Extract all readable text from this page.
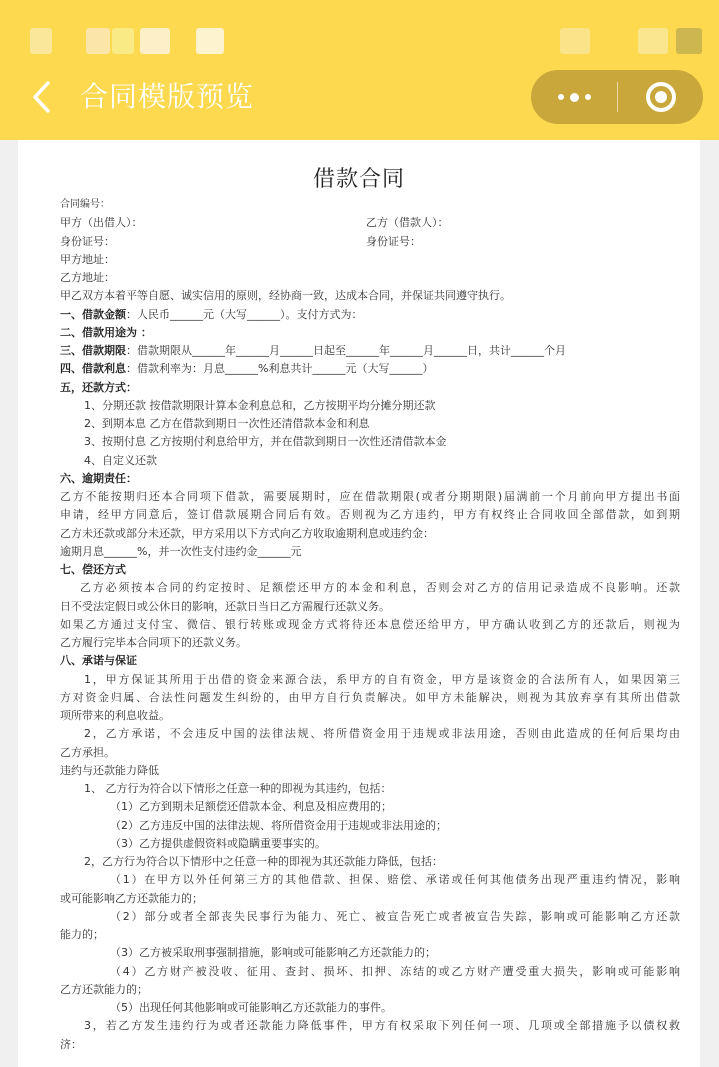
合同模版预览
借款合同
合同编号：
甲方（出借人）：	乙方（借款人）：
身份证号：	身份证号：
甲方地址：
乙方地址：
甲乙双方本着平等自愿、诚实信用的原则，经协商一致，达成本合同，并保证共同遵守执行。
一、借款金额：人民币______元（大写______）。支付方式为：
二、借款用途为 ：
三、借款期限：借款期限从______年______月______日起至______年______月______日，共计______个月
四、借款利息：借款利率为：月息______%利息共计______元（大写______）
五，还款方式：
1、分期还款 按借款期限计算本金利息总和，乙方按期平均分摊分期还款
2、到期本息 乙方在借款到期日一次性还清借款本金和利息
3、按期付息 乙方按期付利息给甲方，并在借款到期日一次性还清借款本金
4、自定义还款
六、逾期责任：
乙方不能按期归还本合同项下借款，需要展期时，应在借款期限(或者分期期限)届满前一个月前向甲方提出书面
申请，经甲方同意后，签订借款展期合同后有效。否则视为乙方违约，甲方有权终止合同收回全部借款，如到期
乙方未还款或部分未还款，甲方采用以下方式向乙方收取逾期利息或违约金：
逾期月息______%，并一次性支付违约金______元
七、偿还方式
乙方必须按本合同的约定按时、足额偿还甲方的本金和利息，否则会对乙方的信用记录造成不良影响。还款
日不受法定假日或公休日的影响，还款日当日乙方需履行还款义务。
如果乙方通过支付宝、微信、银行转账或现金方式将待还本息偿还给甲方，甲方确认收到乙方的还款后，则视为
乙方履行完毕本合同项下的还款义务。
八、承诺与保证
1，甲方保证其所用于出借的资金来源合法，系甲方的自有资金，甲方是该资金的合法所有人，如果因第三
方对资金归属、合法性问题发生纠纷的，由甲方自行负责解决。如甲方未能解决，则视为其放弃享有其所出借款
项所带来的利息收益。
2，乙方承诺，不会违反中国的法律法规、将所借资金用于违规或非法用途，否则由此造成的任何后果均由
乙方承担。
违约与还款能力降低
1、 乙方行为符合以下情形之任意一种的即视为其违约，包括：
（1）乙方到期未足额偿还借款本金、利息及相应费用的；
（2）乙方违反中国的法律法规、将所借资金用于违规或非法用途的；
（3）乙方提供虚假资料或隐瞒重要事实的。
2，乙方行为符合以下情形中之任意一种的即视为其还款能力降低，包括：
（1）在甲方以外任何第三方的其他借款、担保、赔偿、承诺或任何其他债务出现严重违约情况，影响
或可能影响乙方还款能力的；
（2）部分或者全部丧失民事行为能力、死亡、被宣告死亡或者被宣告失踪，影响或可能影响乙方还款
能力的；
（3）乙方被采取刑事强制措施，影响或可能影响乙方还款能力的；
（4）乙方财产被没收、征用、查封、损坏、扣押、冻结的或乙方财产遭受重大损失，影响或可能影响
乙方还款能力的；
（5）出现任何其他影响或可能影响乙方还款能力的事件。
3，若乙方发生违约行为或者还款能力降低事件，甲方有权采取下列任何一项、几项或全部措施予以债权救
济：
